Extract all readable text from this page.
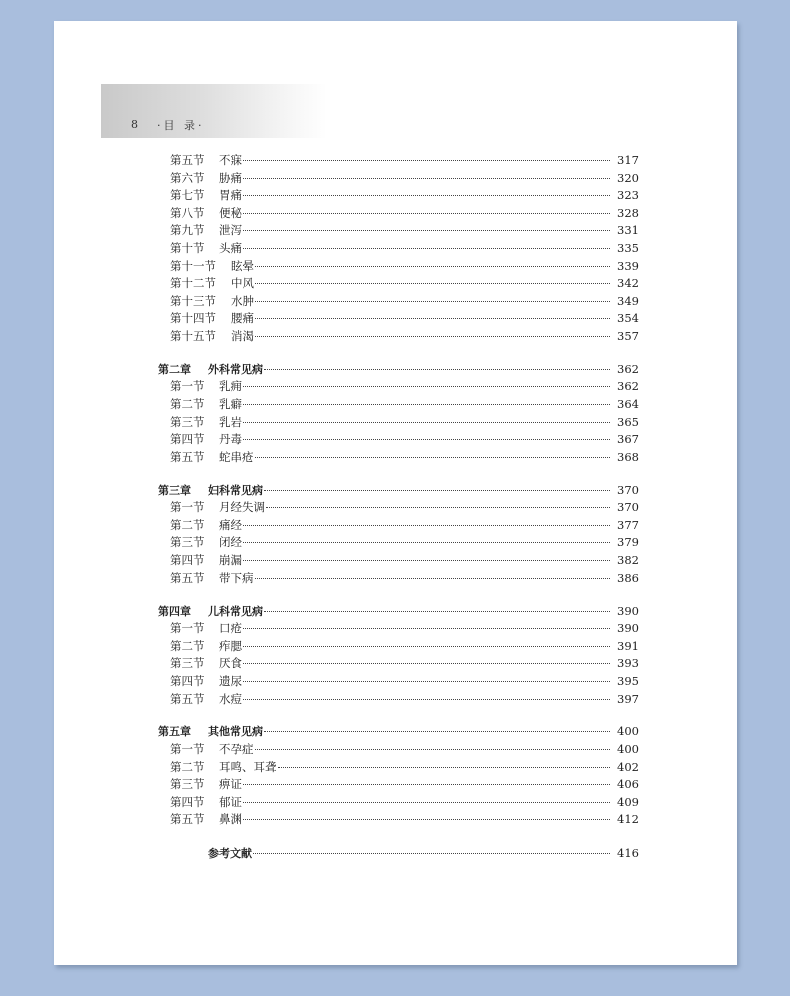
8 ·目 录·
第五节	不寐	317
第六节	胁痛	320
第七节	胃痛	323
第八节	便秘	328
第九节	泄泻	331
第十节	头痛	335
第十一节	眩晕	339
第十二节	中风	342
第十三节	水肿	349
第十四节	腰痛	354
第十五节	消渴	357
第二章	外科常见病	362
第一节	乳痈	362
第二节	乳癖	364
第三节	乳岩	365
第四节	丹毒	367
第五节	蛇串疮	368
第三章	妇科常见病	370
第一节	月经失调	370
第二节	痛经	377
第三节	闭经	379
第四节	崩漏	382
第五节	带下病	386
第四章	儿科常见病	390
第一节	口疮	390
第二节	痄腮	391
第三节	厌食	393
第四节	遗尿	395
第五节	水痘	397
第五章	其他常见病	400
第一节	不孕症	400
第二节	耳鸣、耳聋	402
第三节	痹证	406
第四节	郁证	409
第五节	鼻渊	412
参考文献	416
